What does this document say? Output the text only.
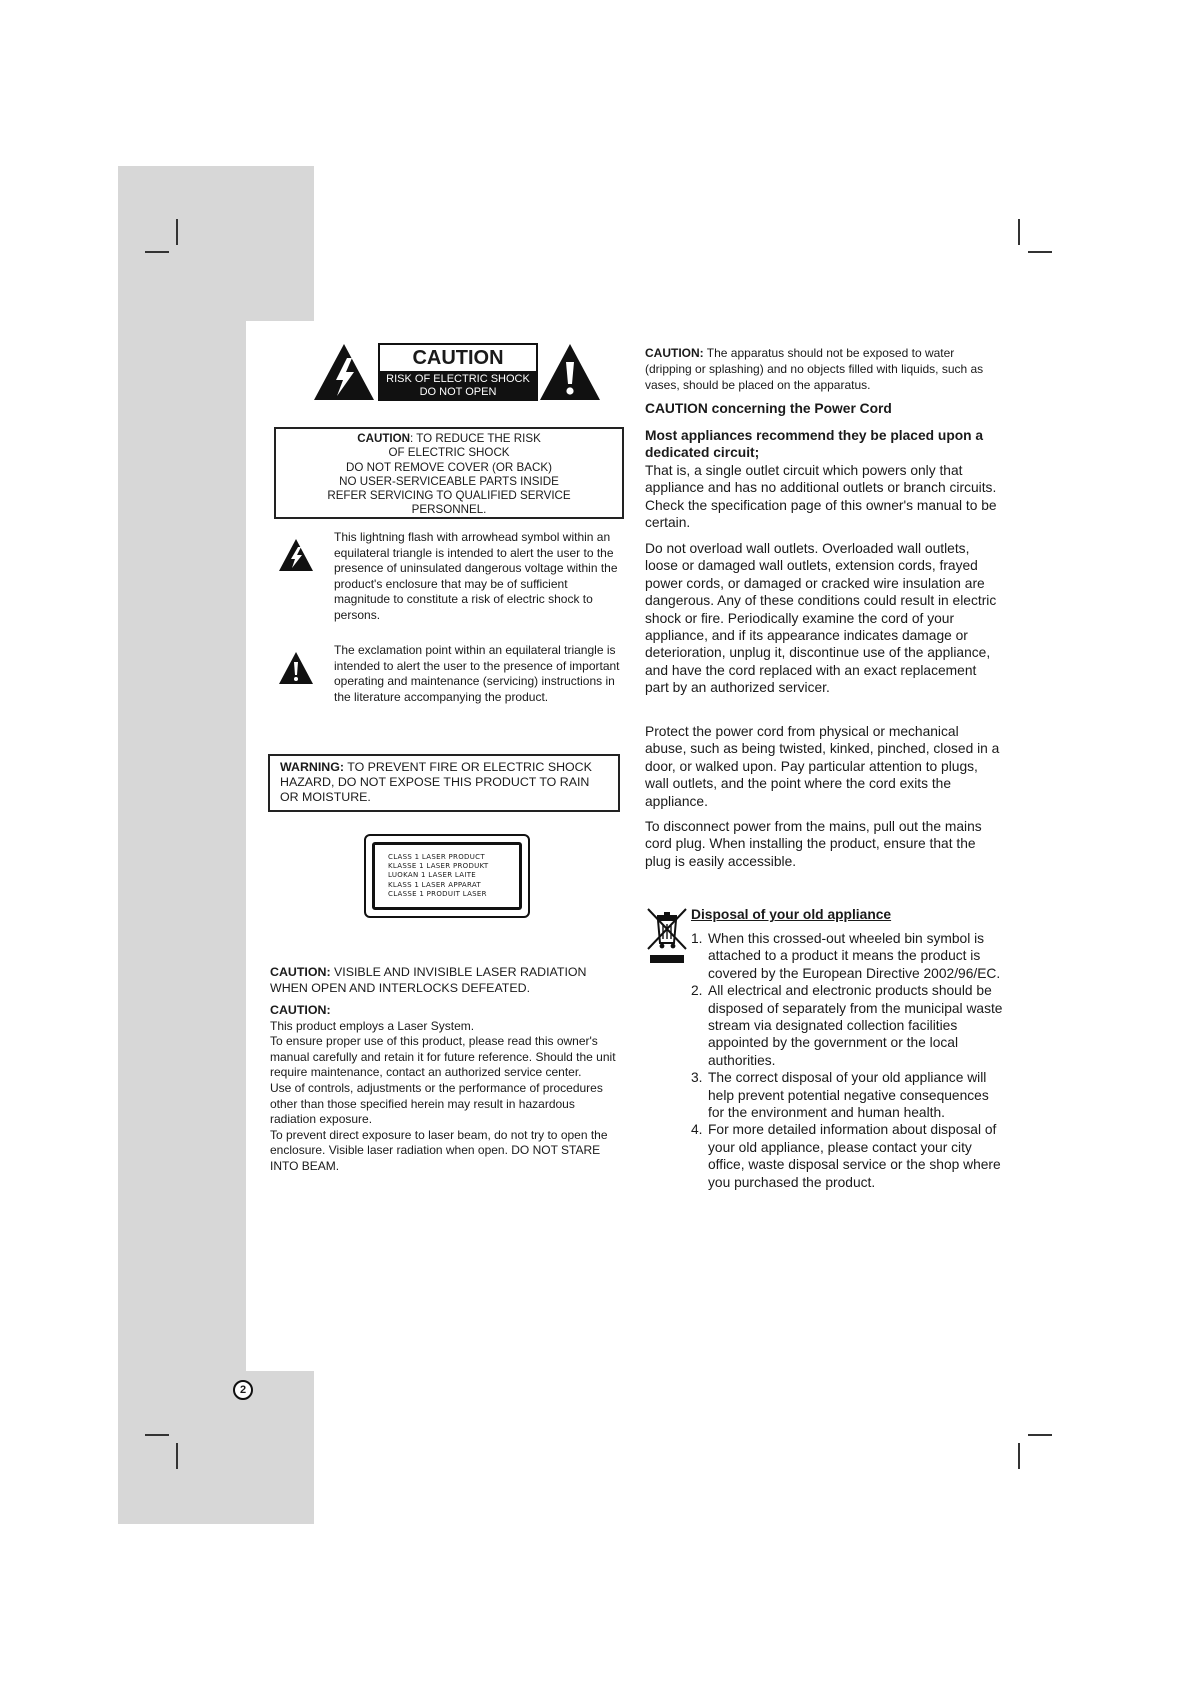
CAUTION
RISK OF ELECTRIC SHOCK
DO NOT OPEN
CAUTION: TO REDUCE THE RISK
OF ELECTRIC SHOCK
DO NOT REMOVE COVER (OR BACK)
NO USER-SERVICEABLE PARTS INSIDE
REFER SERVICING TO QUALIFIED SERVICE
PERSONNEL.
This lightning flash with arrowhead symbol within an equilateral triangle is intended to alert the user to the presence of uninsulated dangerous voltage within the product's enclosure that may be of sufficient magnitude to constitute a risk of electric shock to persons.
The exclamation point within an equilateral triangle is intended to alert the user to the presence of important operating and maintenance (servicing) instructions in the literature accompanying the product.
WARNING: TO PREVENT FIRE OR ELECTRIC SHOCK HAZARD, DO NOT EXPOSE THIS PRODUCT TO RAIN OR MOISTURE.
CLASS 1 LASER PRODUCT
KLASSE 1 LASER PRODUKT
LUOKAN 1 LASER LAITE
KLASS 1 LASER APPARAT
CLASSE 1 PRODUIT LASER
CAUTION: VISIBLE AND INVISIBLE LASER RADIATION WHEN OPEN AND INTERLOCKS DEFEATED.
CAUTION:
This product employs a Laser System.
To ensure proper use of this product, please read this owner's manual carefully and retain it for future reference. Should the unit require maintenance, contact an authorized service center.
Use of controls, adjustments or the performance of procedures other than those specified herein may result in hazardous radiation exposure.
To prevent direct exposure to laser beam, do not try to open the enclosure. Visible laser radiation when open. DO NOT STARE INTO BEAM.
CAUTION: The apparatus should not be exposed to water (dripping or splashing) and no objects filled with liquids, such as vases, should be placed on the apparatus.
CAUTION concerning the Power Cord
Most appliances recommend they be placed upon a dedicated circuit;
That is, a single outlet circuit which powers only that appliance and has no additional outlets or branch circuits. Check the specification page of this owner's manual to be certain.
Do not overload wall outlets. Overloaded wall outlets, loose or damaged wall outlets, extension cords, frayed power cords, or damaged or cracked wire insulation are dangerous. Any of these conditions could result in electric shock or fire. Periodically examine the cord of your appliance, and if its appearance indicates damage or deterioration, unplug it, discontinue use of the appliance, and have the cord replaced with an exact replacement part by an authorized servicer.
Protect the power cord from physical or mechanical abuse, such as being twisted, kinked, pinched, closed in a door, or walked upon. Pay particular attention to plugs, wall outlets, and the point where the cord exits the appliance.
To disconnect power from the mains, pull out the mains cord plug. When installing the product, ensure that the plug is easily accessible.
Disposal of your old appliance
1. When this crossed-out wheeled bin symbol is attached to a product it means the product is covered by the European Directive 2002/96/EC.
2. All electrical and electronic products should be disposed of separately from the municipal waste stream via designated collection facilities appointed by the government or the local authorities.
3. The correct disposal of your old appliance will help prevent potential negative consequences for the environment and human health.
4. For more detailed information about disposal of your old appliance, please contact your city office, waste disposal service or the shop where you purchased the product.
2
